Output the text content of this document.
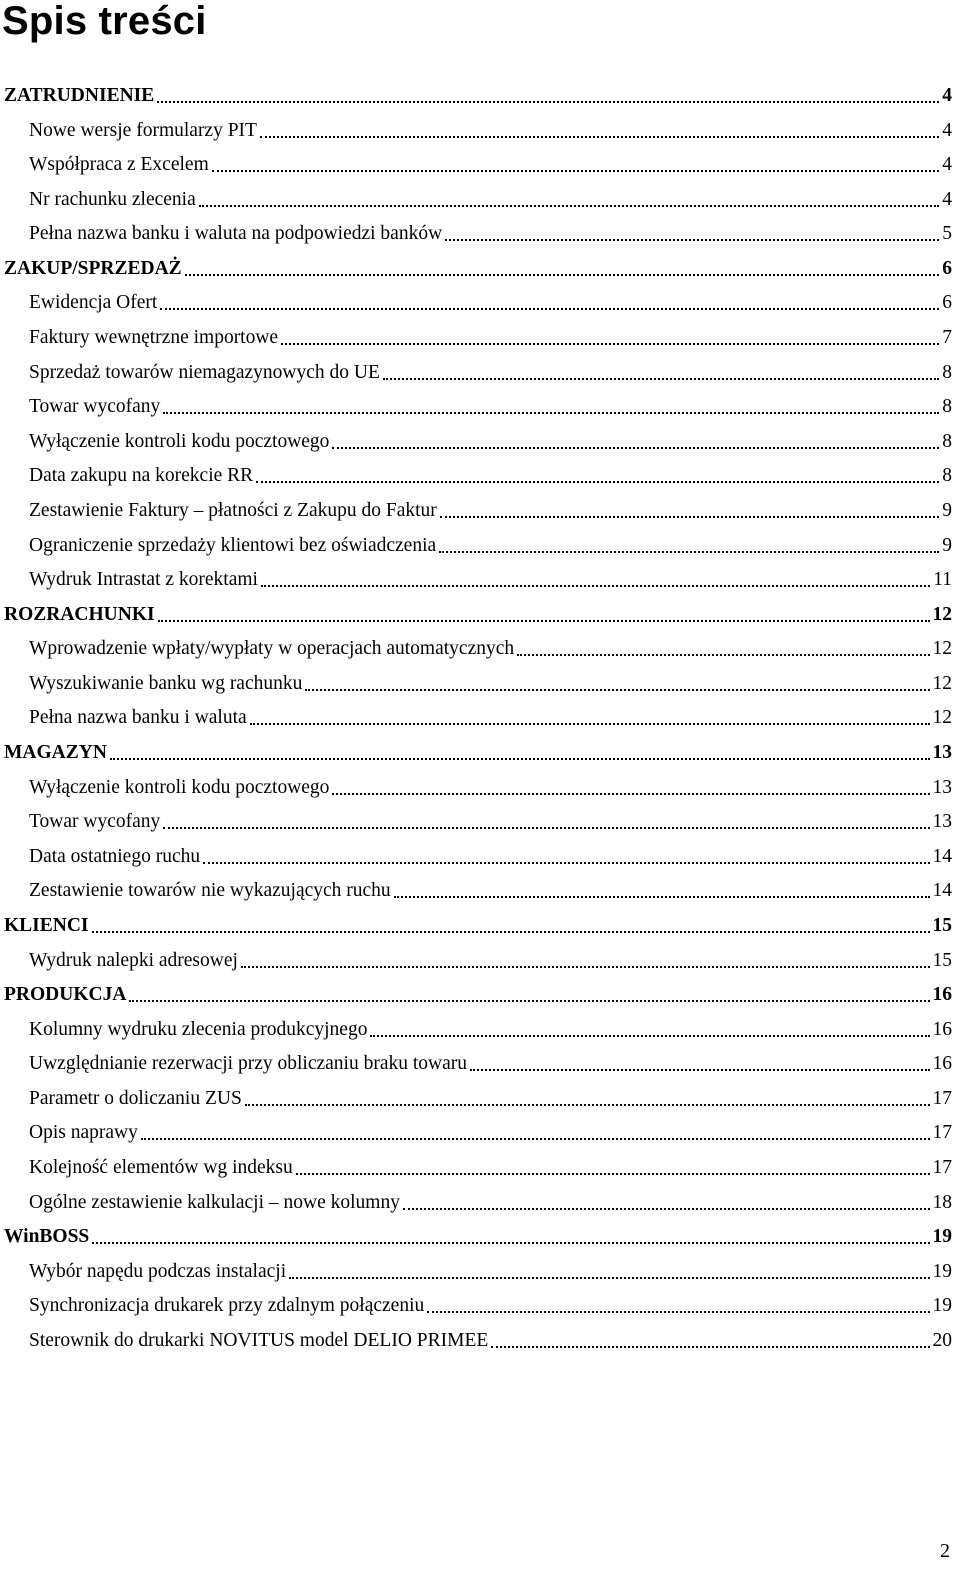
Spis treści
ZATRUDNIENIE	4
Nowe wersje formularzy PIT	4
Współpraca z Excelem	4
Nr rachunku zlecenia	4
Pełna nazwa banku i waluta na podpowiedzi banków	5
ZAKUP/SPRZEDAŻ	6
Ewidencja Ofert	6
Faktury wewnętrzne importowe	7
Sprzedaż towarów niemagazynowych do UE	8
Towar wycofany	8
Wyłączenie kontroli kodu pocztowego	8
Data zakupu na korekcie RR	8
Zestawienie Faktury – płatności z Zakupu do Faktur	9
Ograniczenie sprzedaży klientowi bez oświadczenia	9
Wydruk Intrastat z korektami	11
ROZRACHUNKI	12
Wprowadzenie wpłaty/wypłaty w operacjach automatycznych	12
Wyszukiwanie banku wg rachunku	12
Pełna nazwa banku i waluta	12
MAGAZYN	13
Wyłączenie kontroli kodu pocztowego	13
Towar wycofany	13
Data ostatniego ruchu	14
Zestawienie towarów nie wykazujących ruchu	14
KLIENCI	15
Wydruk nalepki adresowej	15
PRODUKCJA	16
Kolumny wydruku zlecenia produkcyjnego	16
Uwzględnianie rezerwacji przy obliczaniu braku towaru	16
Parametr o doliczaniu ZUS	17
Opis naprawy	17
Kolejność elementów wg indeksu	17
Ogólne zestawienie kalkulacji – nowe kolumny	18
WinBOSS	19
Wybór napędu podczas instalacji	19
Synchronizacja drukarek przy zdalnym połączeniu	19
Sterownik do drukarki NOVITUS model DELIO PRIMEE	20
2
